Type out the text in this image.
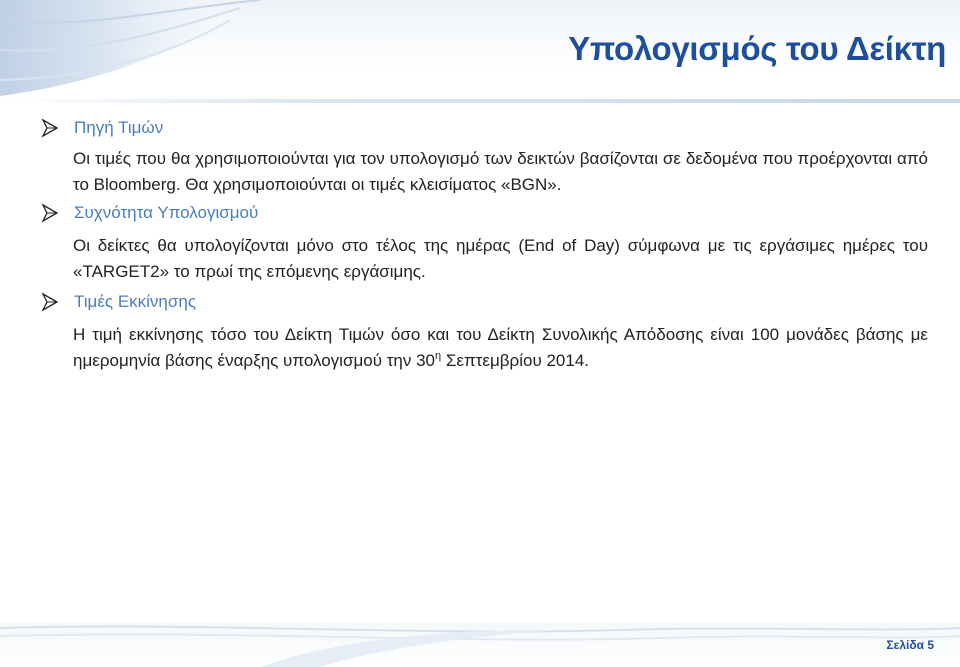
Υπολογισμός του Δείκτη
Πηγή Τιμών
Οι τιμές που θα χρησιμοποιούνται για τον υπολογισμό των δεικτών βασίζονται σε δεδομένα που προέρχονται από το Bloomberg. Θα χρησιμοποιούνται οι τιμές κλεισίματος «BGN».
Συχνότητα Υπολογισμού
Οι δείκτες θα υπολογίζονται μόνο στο τέλος της ημέρας (End of Day) σύμφωνα με τις εργάσιμες ημέρες του «TARGET2» το πρωί της επόμενης εργάσιμης.
Τιμές Εκκίνησης
Η τιμή εκκίνησης τόσο του Δείκτη Τιμών όσο και του Δείκτη Συνολικής Απόδοσης είναι 100 μονάδες βάσης με ημερομηνία βάσης έναρξης υπολογισμού την $30^\eta$ Σεπτεμβρίου 2014.
Σελίδα 5
